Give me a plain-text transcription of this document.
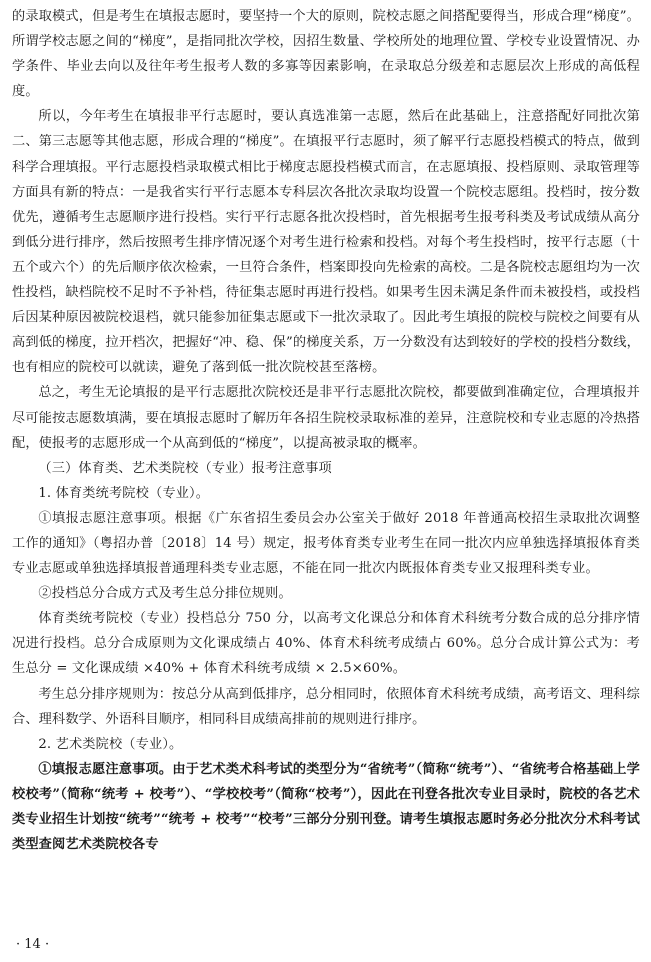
的录取模式，但是考生在填报志愿时，要坚持一个大的原则，院校志愿之间搭配要得当，形成合理“梯度”。所谓学校志愿之间的“梯度”，是指同批次学校，因招生数量、学校所处的地理位置、学校专业设置情况、办学条件、毕业去向以及往年考生报考人数的多寡等因素影响，在录取总分级差和志愿层次上形成的高低程度。

所以，今年考生在填报非平行志愿时，要认真选准第一志愿，然后在此基础上，注意搭配好同批次第二、第三志愿等其他志愿，形成合理的“梯度”。在填报平行志愿时，须了解平行志愿投档模式的特点，做到科学合理填报。平行志愿投档录取模式相比于梯度志愿投档模式而言，在志愿填报、投档原则、录取管理等方面具有新的特点：一是我省实行平行志愿本专科层次各批次录取均设置一个院校志愿组。投档时，按分数优先，遵循考生志愿顺序进行投档。实行平行志愿各批次投档时，首先根据考生报考科类及考试成绩从高分到低分进行排序，然后按照考生排序情况逐个对考生进行检索和投档。对每个考生投档时，按平行志愿（十五个或六个）的先后顺序依次检索，一旦符合条件，档案即投向先检索的高校。二是各院校志愿组均为一次性投档，缺档院校不足时不予补档，待征集志愿时再进行投档。如果考生因未满足条件而未被投档，或投档后因某种原因被院校退档，就只能参加征集志愿或下一批次录取了。因此考生填报的院校与院校之间要有从高到低的梯度，拉开档次，把握好“冲、稳、保”的梯度关系，万一分数没有达到较好的学校的投档分数线，也有相应的院校可以就读，避免了落到低一批次院校甚至落榜。

总之，考生无论填报的是平行志愿批次院校还是非平行志愿批次院校，都要做到准确定位，合理填报并尽可能按志愿数填满，要在填报志愿时了解历年各招生院校录取标准的差异，注意院校和专业志愿的冷热搭配，使报考的志愿形成一个从高到低的“梯度”，以提高被录取的概率。

（三）体育类、艺术类院校（专业）报考注意事项

1. 体育类统考院校（专业）。

①填报志愿注意事项。根据《广东省招生委员会办公室关于做好 2018 年普通高校招生录取批次调整工作的通知》（粤招办普〔2018〕14 号）规定，报考体育类专业考生在同一批次内应单独选择填报体育类专业志愿或单独选择填报普通理科类专业志愿，不能在同一批次内既报体育类专业又报理科类专业。

②投档总分合成方式及考生总分排位规则。

体育类统考院校（专业）投档总分 750 分，以高考文化课总分和体育术科统考分数合成的总分排序情况进行投档。总分合成原则为文化课成绩占 40%、体育术科统考成绩占 60%。总分合成计算公式为：考生总分 = 文化课成绩 ×40% + 体育术科统考成绩 × 2.5×60%。

考生总分排序规则为：按总分从高到低排序，总分相同时，依照体育术科统考成绩，高考语文、理科综合、理科数学、外语科目顺序，相同科目成绩高排前的规则进行排序。

2. 艺术类院校（专业）。

①填报志愿注意事项。由于艺术类术科考试的类型分为“省统考”（简称“统考”）、“省统考合格基础上学校校考”（简称“统考 + 校考”）、“学校校考”（简称“校考”），因此在刊登各批次专业目录时，院校的各艺术类专业招生计划按“统考”“统考 + 校考”“校考”三部分分别刊登。请考生填报志愿时务必分批次分术科考试类型查阅艺术类院校各专

· 14 ·
